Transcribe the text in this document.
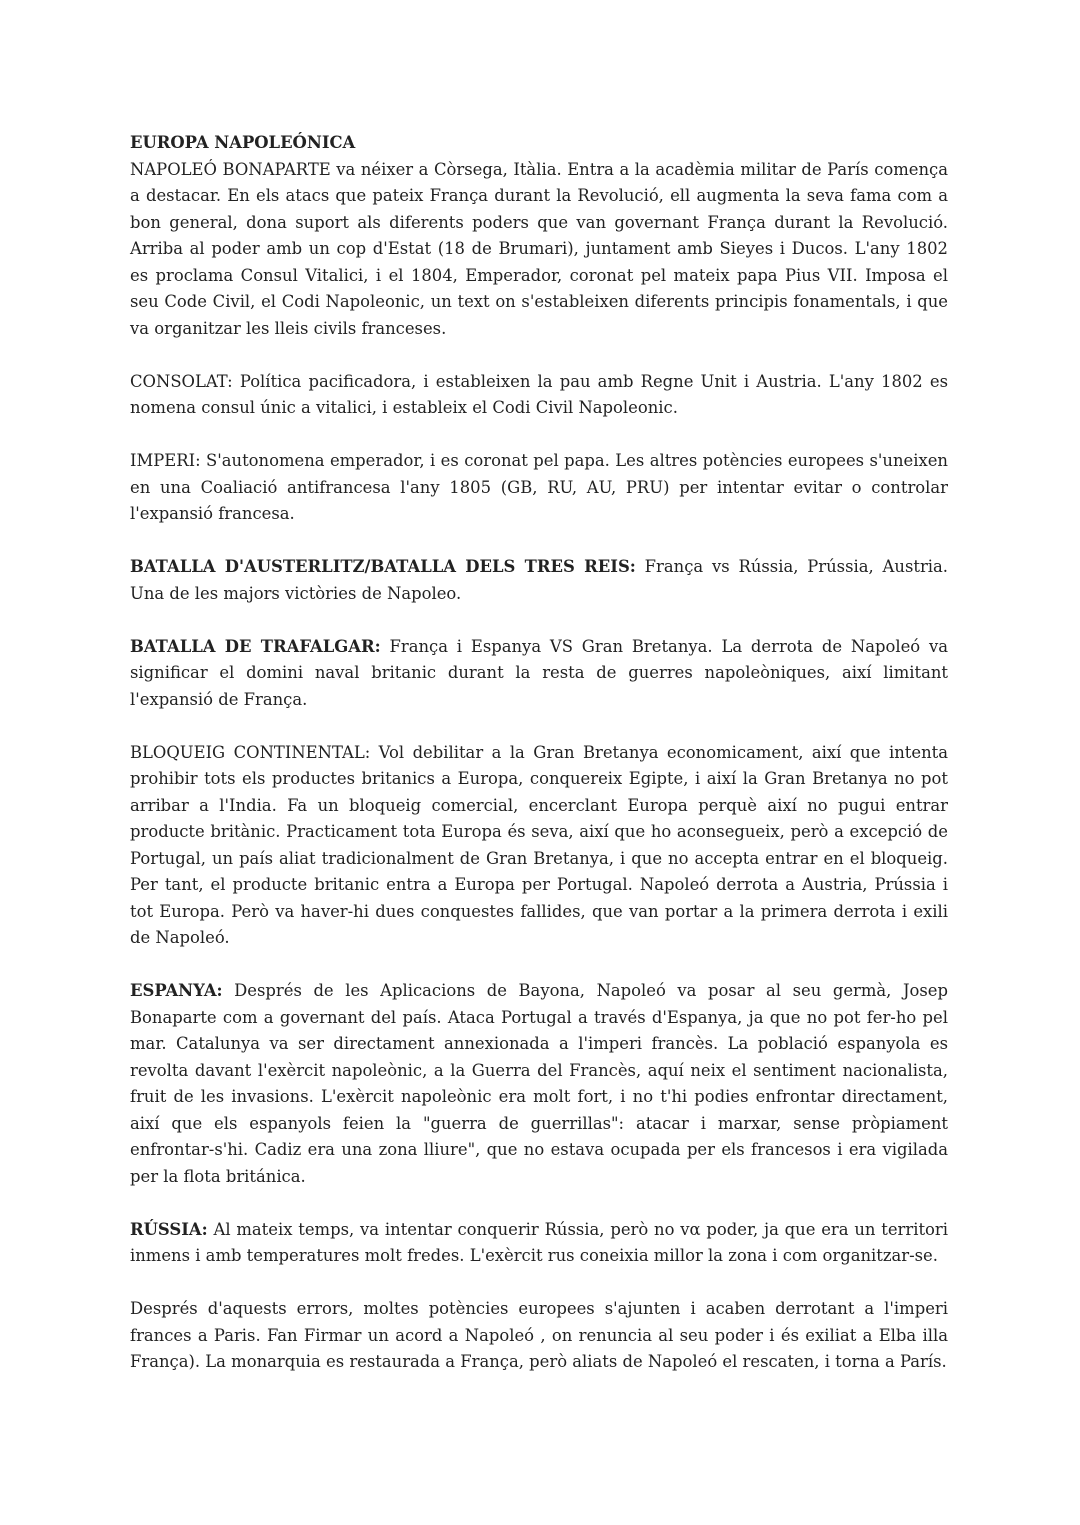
EUROPA NAPOLEÓNICA

NAPOLEÓ BONAPARTE va néixer a Còrsega, Itàlia. Entra a la acadèmia militar de París comença a destacar. En els atacs que pateix França durant la Revolució, ell augmenta la seva fama com a bon general, dona suport als diferents poders que van governant França durant la Revolució. Arriba al poder amb un cop d'Estat (18 de Brumari), juntament amb Sieyes i Ducos. L'any 1802 es proclama Consul Vitalici, i el 1804, Emperador, coronat pel mateix papa Pius VII. Imposa el seu Code Civil, el Codi Napoleonic, un text on s'estableixen diferents principis fonamentals, i que va organitzar les lleis civils franceses.

CONSOLAT: Política pacificadora, i estableixen la pau amb Regne Unit i Austria. L'any 1802 es nomena consul únic a vitalici, i estableix el Codi Civil Napoleonic.

IMPERI: S'autonomena emperador, i es coronat pel papa. Les altres potències europees s'uneixen en una Coaliació antifrancesa l'any 1805 (GB, RU, AU, PRU) per intentar evitar o controlar l'expansió francesa.

BATALLA D'AUSTERLITZ/BATALLA DELS TRES REIS: França vs Rússia, Prússia, Austria. Una de les majors victòries de Napoleo.

BATALLA DE TRAFALGAR: França i Espanya VS Gran Bretanya. La derrota de Napoleó va significar el domini naval britanic durant la resta de guerres napoleòniques, així limitant l'expansió de França.

BLOQUEIG CONTINENTAL: Vol debilitar a la Gran Bretanya economicament, així que intenta prohibir tots els productes britanics a Europa, conquereix Egipte, i així la Gran Bretanya no pot arribar a l'India. Fa un bloqueig comercial, encerclant Europa perquè així no pugui entrar producte britànic. Practicament tota Europa és seva, així que ho aconsegueix, però a excepció de Portugal, un país aliat tradicionalment de Gran Bretanya, i que no accepta entrar en el bloqueig. Per tant, el producte britanic entra a Europa per Portugal. Napoleó derrota a Austria, Prússia i tot Europa. Però va haver-hi dues conquestes fallides, que van portar a la primera derrota i exili de Napoleó.

ESPANYA: Després de les Aplicacions de Bayona, Napoleó va posar al seu germà, Josep Bonaparte com a governant del país. Ataca Portugal a través d'Espanya, ja que no pot fer-ho pel mar. Catalunya va ser directament annexionada a l'imperi francès. La població espanyola es revolta davant l'exèrcit napoleònic, a la Guerra del Francès, aquí neix el sentiment nacionalista, fruit de les invasions. L'exèrcit napoleònic era molt fort, i no t'hi podies enfrontar directament, així que els espanyols feien la "guerra de guerrillas": atacar i marxar, sense pròpiament enfrontar-s'hi. Cadiz era una zona lliure", que no estava ocupada per els francesos i era vigilada per la flota británica.

RÚSSIA: Al mateix temps, va intentar conquerir Rússia, però no vα poder, ja que era un territori inmens i amb temperatures molt fredes. L'exèrcit rus coneixia millor la zona i com organitzar-se.

Després d'aquests errors, moltes potències europees s'ajunten i acaben derrotant a l'imperi frances a Paris. Fan Firmar un acord a Napoleó , on renuncia al seu poder i és exiliat a Elba illa França). La monarquia es restaurada a França, però aliats de Napoleó el rescaten, i torna a París.
